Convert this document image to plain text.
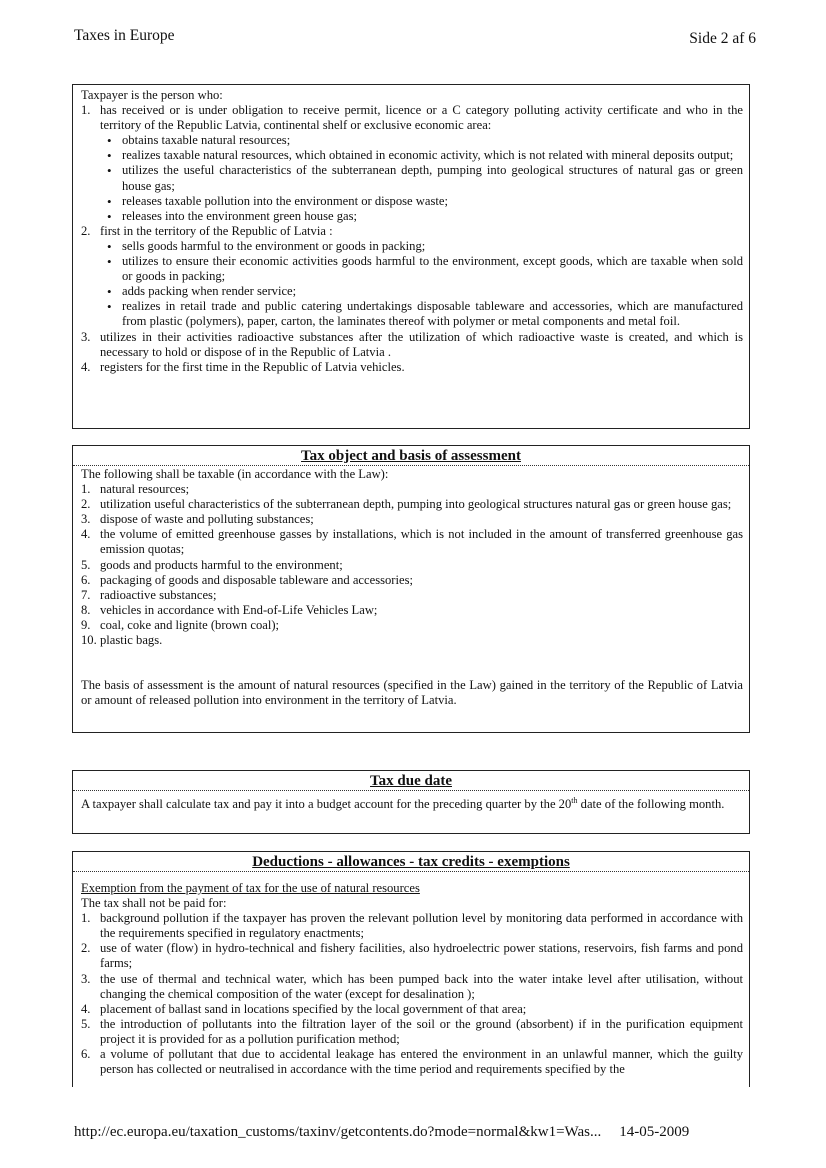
Taxes in Europe	Side 2 af 6

Taxpayer is the person who:

1. has received or is under obligation to receive permit, licence or a C category polluting activity certificate and who in the territory of the Republic Latvia, continental shelf or exclusive economic area:
• obtains taxable natural resources;
• realizes taxable natural resources, which obtained in economic activity, which is not related with mineral deposits output;
• utilizes the useful characteristics of the subterranean depth, pumping into geological structures of natural gas or green house gas;
• releases taxable pollution into the environment or dispose waste;
• releases into the environment green house gas;
2. first in the territory of the Republic of Latvia :
• sells goods harmful to the environment or goods in packing;
• utilizes to ensure their economic activities goods harmful to the environment, except goods, which are taxable when sold or goods in packing;
• adds packing when render service;
• realizes in retail trade and public catering undertakings disposable tableware and accessories, which are manufactured from plastic (polymers), paper, carton, the laminates thereof with polymer or metal components and metal foil.
3. utilizes in their activities radioactive substances after the utilization of which radioactive waste is created, and which is necessary to hold or dispose of in the Republic of Latvia .
4. registers for the first time in the Republic of Latvia vehicles.
Tax object and basis of assessment

The following shall be taxable (in accordance with the Law):

1. natural resources;
2. utilization useful characteristics of the subterranean depth, pumping into geological structures natural gas or green house gas;
3. dispose of waste and polluting substances;
4. the volume of emitted greenhouse gasses by installations, which is not included in the amount of transferred greenhouse gas emission quotas;
5. goods and products harmful to the environment;
6. packaging of goods and disposable tableware and accessories;
7. radioactive substances;
8. vehicles in accordance with End-of-Life Vehicles Law;
9. coal, coke and lignite (brown coal);
10. plastic bags.

The basis of assessment is the amount of natural resources (specified in the Law) gained in the territory of the Republic of Latvia or amount of released pollution into environment in the territory of Latvia.

Tax due date

A taxpayer shall calculate tax and pay it into a budget account for the preceding quarter by the 20th date of the following month.

Deductions - allowances - tax credits - exemptions

Exemption from the payment of tax for the use of natural resources

The tax shall not be paid for:

1. background pollution if the taxpayer has proven the relevant pollution level by monitoring data performed in accordance with the requirements specified in regulatory enactments;
2. use of water (flow) in hydro-technical and fishery facilities, also hydroelectric power stations, reservoirs, fish farms and pond farms;
3. the use of thermal and technical water, which has been pumped back into the water intake level after utilisation, without changing the chemical composition of the water (except for desalination );
4. placement of ballast sand in locations specified by the local government of that area;
5. the introduction of pollutants into the filtration layer of the soil or the ground (absorbent) if in the purification equipment project it is provided for as a pollution purification method;
6. a volume of pollutant that due to accidental leakage has entered the environment in an unlawful manner, which the guilty person has collected or neutralised in accordance with the time period and requirements specified by the
http://ec.europa.eu/taxation_customs/taxinv/getcontents.do?mode=normal&kw1=Was... 14-05-2009
